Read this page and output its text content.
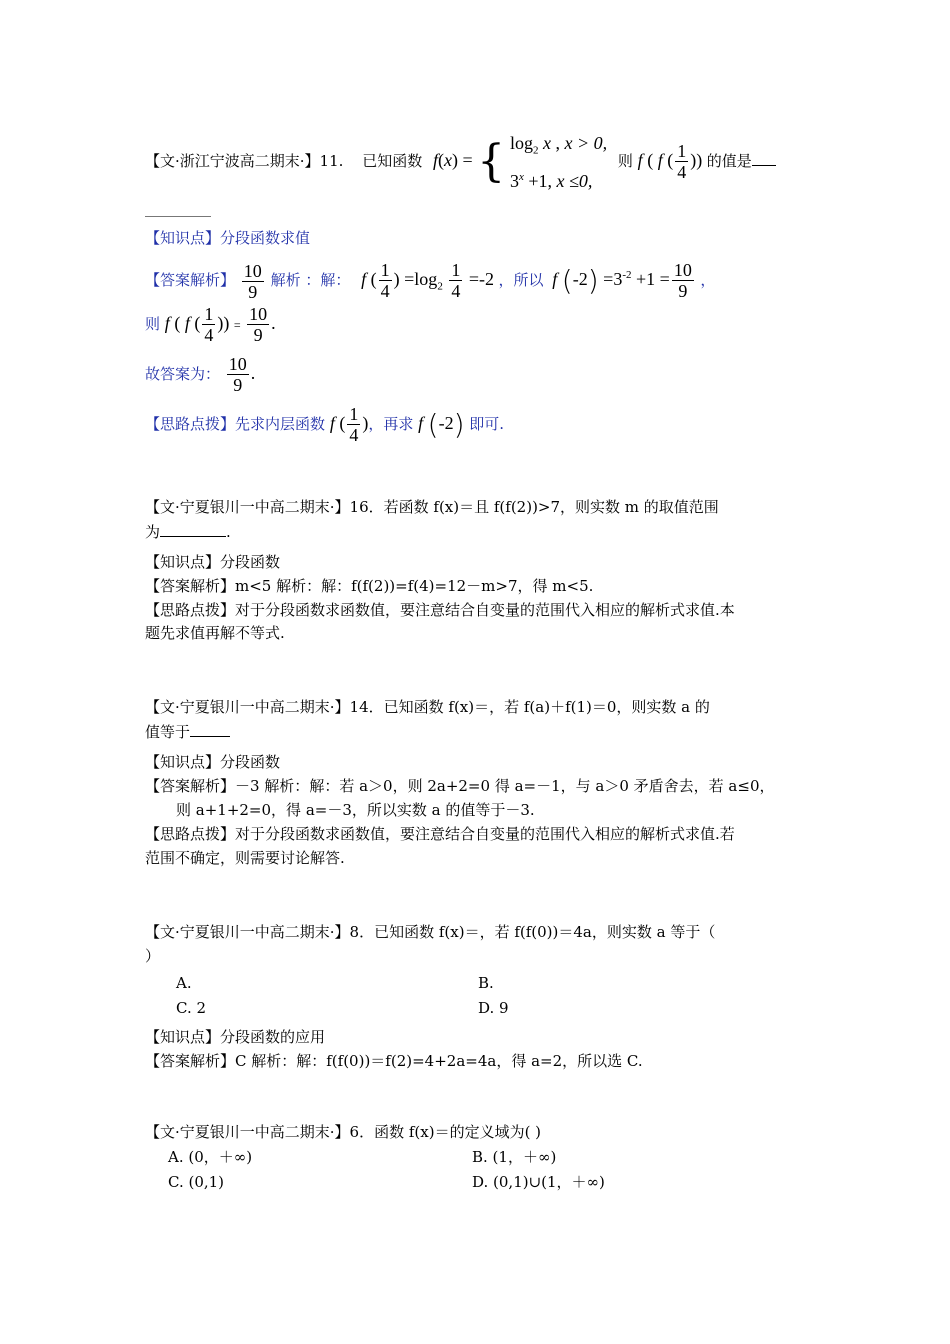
【文·浙江宁波高二期末·】11. 已知函数 f(x) = { $\log_2 x$ , x > 0,
$3^x +1$, x ≤0,
则 f ( f ( $\frac{1}{4}$ )) 的值是
【知识点】分段函数求值
【答案解析】 $\frac{10}{9}$ 解析 ：解： f ( $\frac{1}{4}$ ) $=\log_2 \frac{1}{4} =-2$ ，所以 f $(-2) =3^{-2} +1 = \frac{10}{9}$ ，
则 f ( f ( $\frac{1}{4}$ )) = $\frac{10}{9}$ .
故答案为： $\frac{10}{9}$ .
【思路点拨】先求内层函数 f ( $\frac{1}{4}$ )，再求 f (-2) 即可.
【文·宁夏银川一中高二期末·】16．若函数 f(x)＝且 f(f(2))>7，则实数 m 的取值范围
为	.
【知识点】分段函数
【答案解析】m<5 解析：解：f(f(2))=f(4)=12－m>7，得 m<5.
【思路点拨】对于分段函数求函数值，要注意结合自变量的范围代入相应的解析式求值.本
题先求值再解不等式.
【文·宁夏银川一中高二期末·】14．已知函数 f(x)＝，若 f(a)＋f(1)＝0，则实数 a 的
值等于
【知识点】分段函数
【答案解析】－3 解析：解：若 a＞0，则 2a+2=0 得 a=－1，与 a＞0 矛盾舍去，若 a≤0，
则 a+1+2=0，得 a=－3，所以实数 a 的值等于－3.
【思路点拨】对于分段函数求函数值，要注意结合自变量的范围代入相应的解析式求值.若
范围不确定，则需要讨论解答.
【文·宁夏银川一中高二期末·】8．已知函数 f(x)＝，若 f(f(0))＝4a，则实数 a 等于（
）
A.	B.
C. 2	D. 9
【知识点】分段函数的应用
【答案解析】C 解析：解：f(f(0))＝f(2)=4+2a=4a，得 a=2，所以选 C.
【文·宁夏银川一中高二期末·】6．函数 f(x)＝的定义域为( )
A. (0，＋∞)	B. (1，＋∞)
C. (0,1)	D. (0,1)∪(1，＋∞)
